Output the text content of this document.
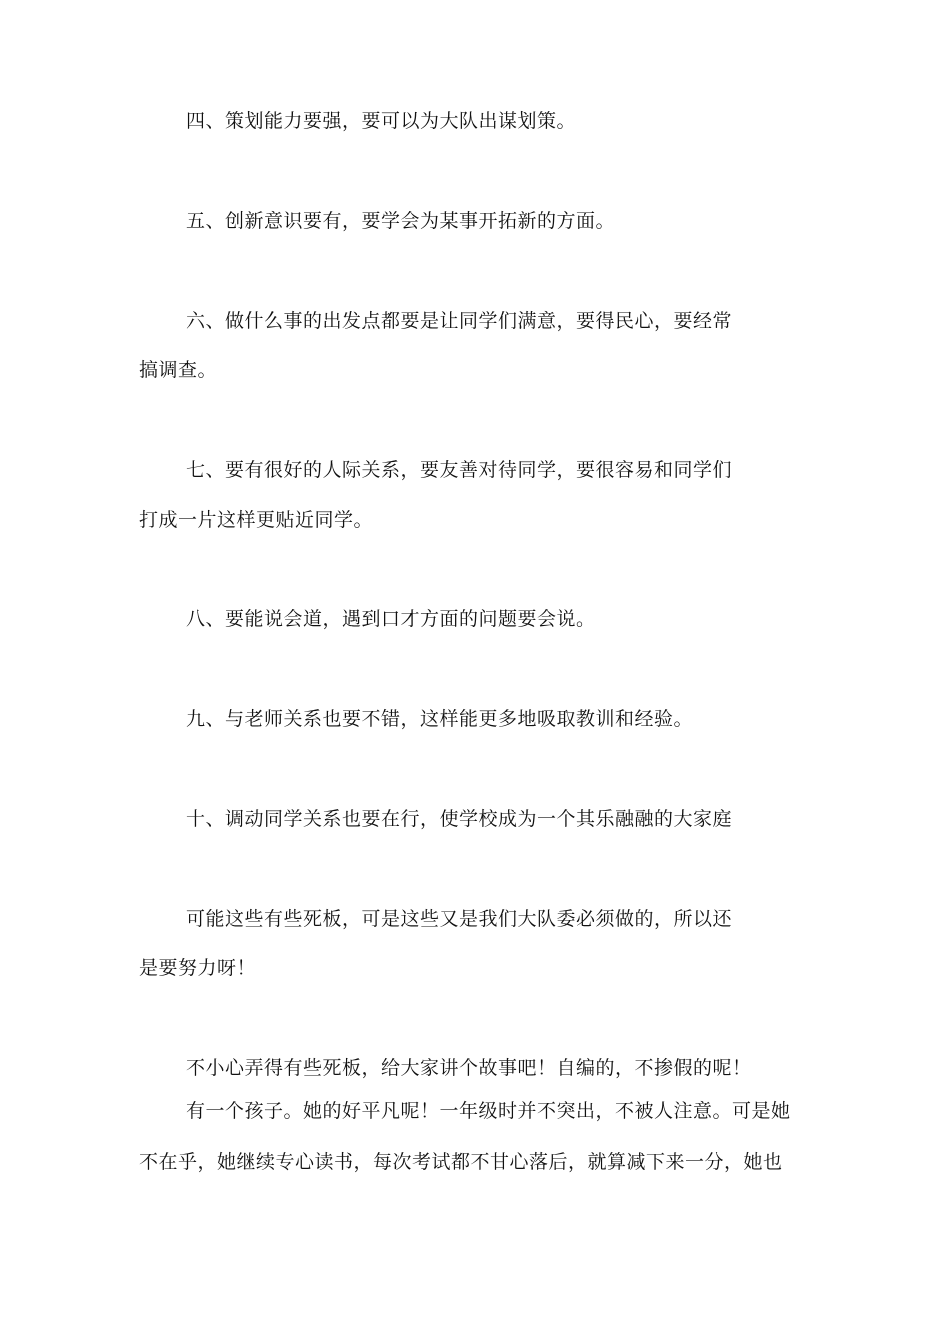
四、策划能力要强，要可以为大队出谋划策。
五、创新意识要有，要学会为某事开拓新的方面。
六、做什么事的出发点都要是让同学们满意，要得民心，要经常
搞调查。
七、要有很好的人际关系，要友善对待同学，要很容易和同学们
打成一片这样更贴近同学。
八、要能说会道，遇到口才方面的问题要会说。
九、与老师关系也要不错，这样能更多地吸取教训和经验。
十、调动同学关系也要在行，使学校成为一个其乐融融的大家庭
可能这些有些死板，可是这些又是我们大队委必须做的，所以还
是要努力呀！
不小心弄得有些死板，给大家讲个故事吧！自编的，不掺假的呢！
有一个孩子。她的好平凡呢！一年级时并不突出，不被人注意。可是她
不在乎，她继续专心读书，每次考试都不甘心落后，就算减下来一分，她也
